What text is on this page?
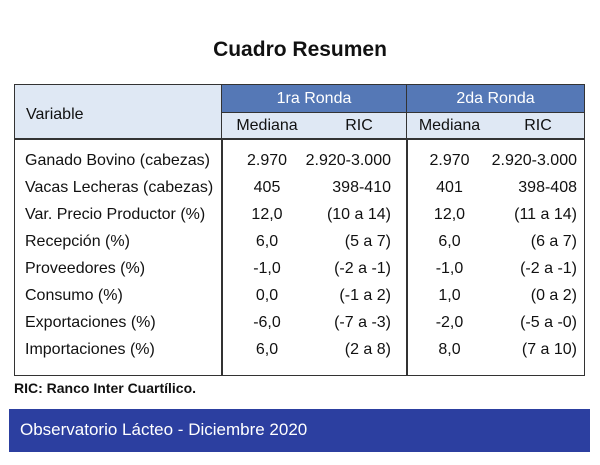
Cuadro Resumen
Variable
1ra Ronda	2da Ronda
Mediana	RIC	Mediana	RIC
Ganado Bovino (cabezas)	2.970	2.920-3.000	2.970	2.920-3.000
Vacas Lecheras (cabezas)	405	398-410	401	398-408
Var. Precio Productor (%)	12,0	(10 a 14)	12,0	(11 a 14)
Recepción (%)	6,0	(5 a 7)	6,0	(6 a 7)
Proveedores (%)	-1,0	(-2 a -1)	-1,0	(-2 a -1)
Consumo (%)	0,0	(-1 a 2)	1,0	(0 a 2)
Exportaciones (%)	-6,0	(-7 a -3)	-2,0	(-5 a -0)
Importaciones (%)	6,0	(2 a 8)	8,0	(7 a 10)
RIC: Ranco Inter Cuartílico.
Observatorio Lácteo - Diciembre 2020
